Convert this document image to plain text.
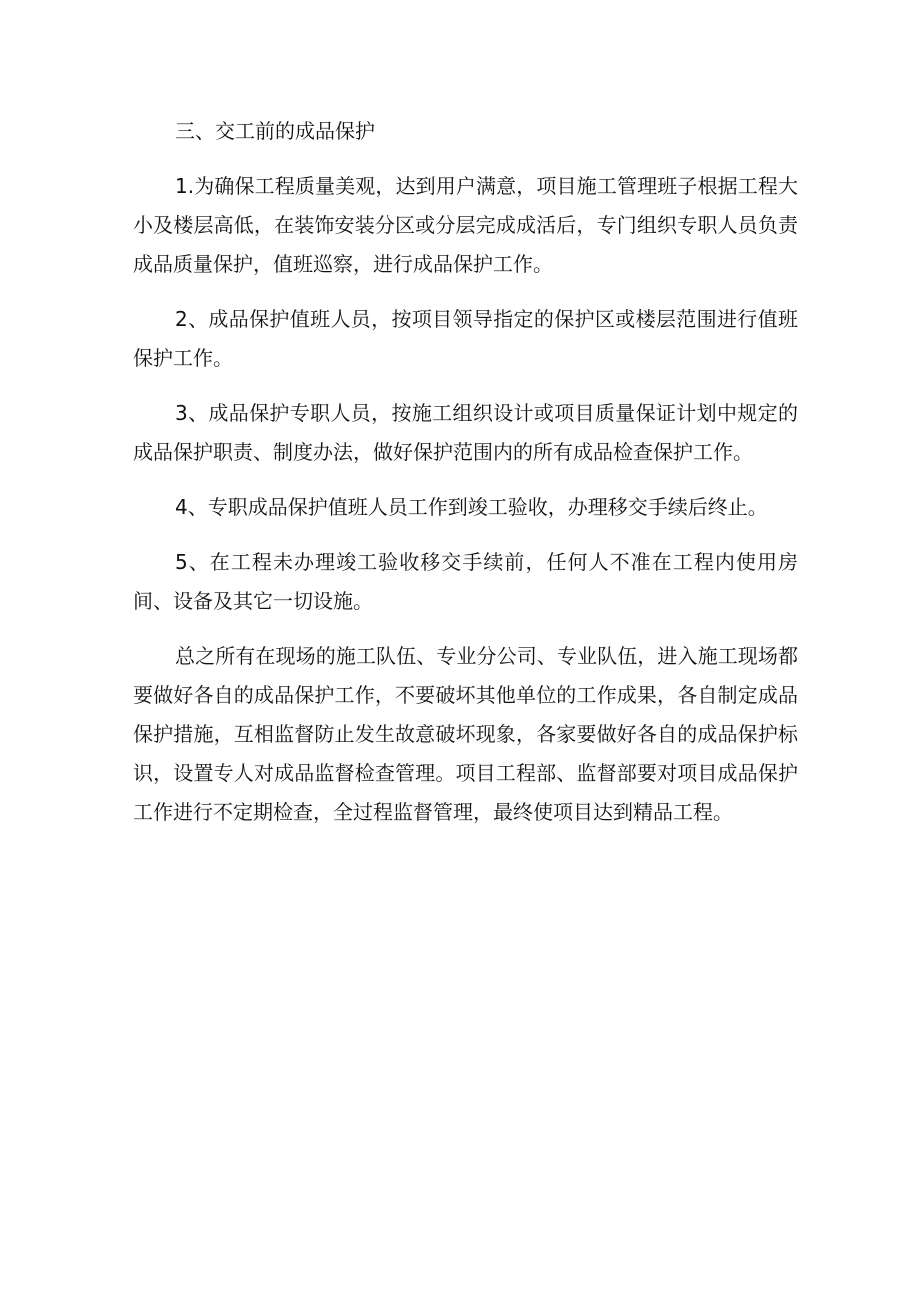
三、交工前的成品保护

1.为确保工程质量美观，达到用户满意，项目施工管理班子根据工程大小及楼层高低，在装饰安装分区或分层完成成活后，专门组织专职人员负责成品质量保护，值班巡察，进行成品保护工作。

2、成品保护值班人员，按项目领导指定的保护区或楼层范围进行值班保护工作。

3、成品保护专职人员，按施工组织设计或项目质量保证计划中规定的成品保护职责、制度办法，做好保护范围内的所有成品检查保护工作。

4、专职成品保护值班人员工作到竣工验收，办理移交手续后终止。

5、在工程未办理竣工验收移交手续前，任何人不准在工程内使用房间、设备及其它一切设施。

总之所有在现场的施工队伍、专业分公司、专业队伍，进入施工现场都要做好各自的成品保护工作，不要破坏其他单位的工作成果，各自制定成品保护措施，互相监督防止发生故意破坏现象，各家要做好各自的成品保护标识，设置专人对成品监督检查管理。项目工程部、监督部要对项目成品保护工作进行不定期检查，全过程监督管理，最终使项目达到精品工程。
